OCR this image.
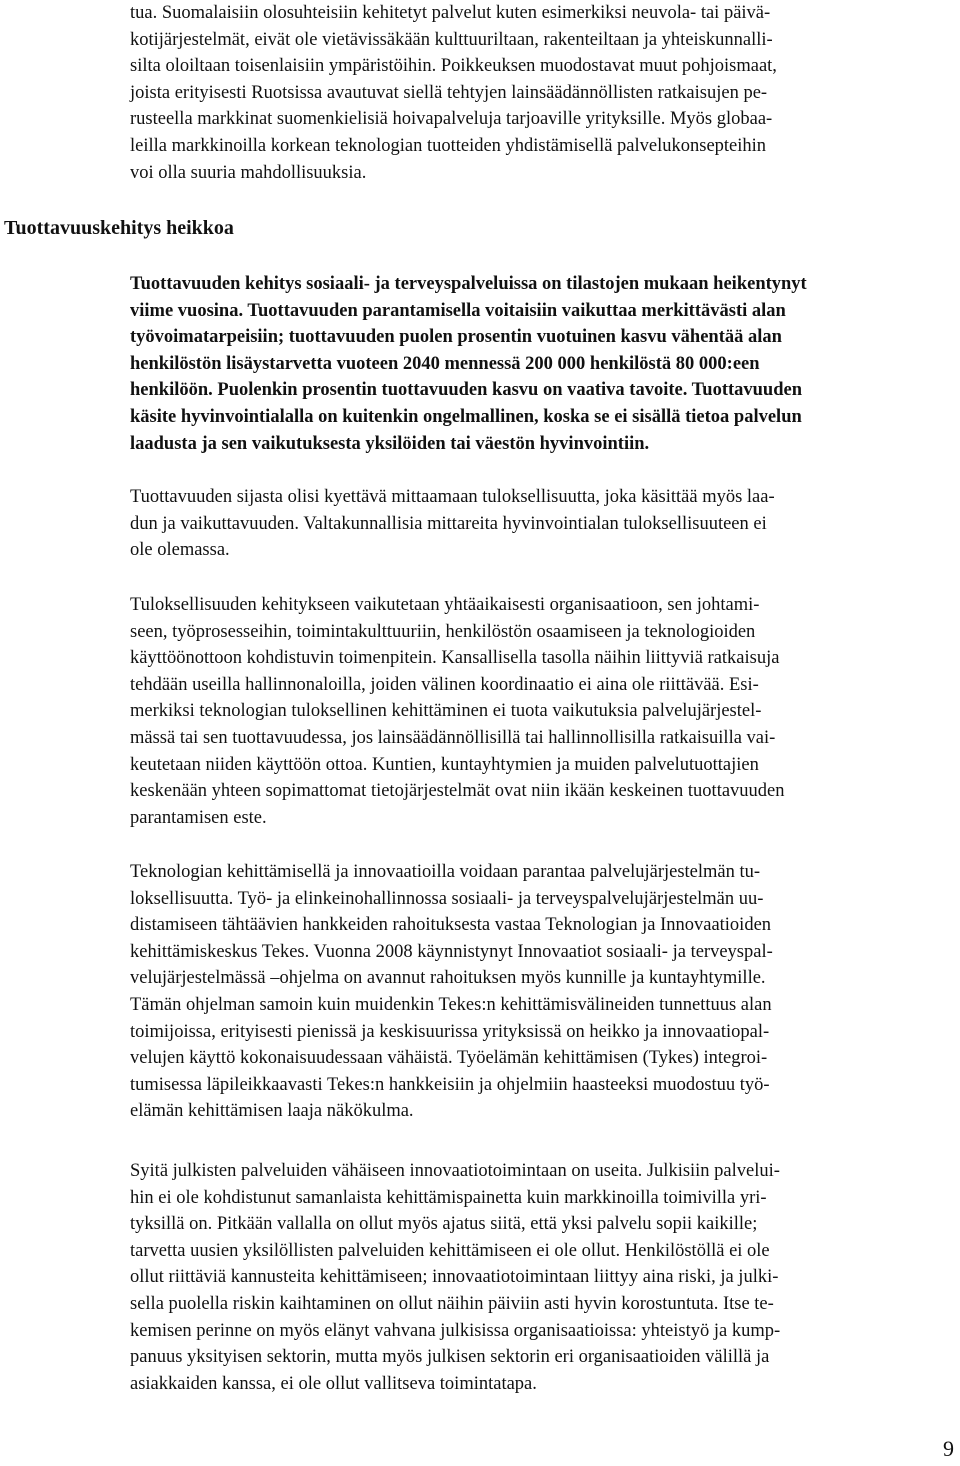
tua. Suomalaisiin olosuhteisiin kehitetyt palvelut kuten esimerkiksi neuvola- tai päivä-
kotijärjestelmät, eivät ole vietävissäkään kulttuuriltaan, rakenteiltaan ja yhteiskunnalli-
silta oloiltaan toisenlaisiin ympäristöihin. Poikkeuksen muodostavat muut pohjoismaat,
joista erityisesti Ruotsissa avautuvat siellä tehtyjen lainsäädännöllisten ratkaisujen pe-
rusteella markkinat suomenkielisiä hoivapalveluja tarjoaville yrityksille. Myös globaa-
leilla markkinoilla korkean teknologian tuotteiden yhdistämisellä palvelukonsepteihin
voi olla suuria mahdollisuuksia.
Tuottavuuskehitys heikkoa
Tuottavuuden kehitys sosiaali- ja terveyspalveluissa on tilastojen mukaan heikentynyt
viime vuosina. Tuottavuuden parantamisella voitaisiin vaikuttaa merkittävästi alan
työvoimatarpeisiin; tuottavuuden puolen prosentin vuotuinen kasvu vähentää alan
henkilöstön lisäystarvetta vuoteen 2040 mennessä 200 000 henkilöstä 80 000:een
henkilöön. Puolenkin prosentin tuottavuuden kasvu on vaativa tavoite. Tuottavuuden
käsite hyvinvointialalla on kuitenkin ongelmallinen, koska se ei sisällä tietoa palvelun
laadusta ja sen vaikutuksesta yksilöiden tai väestön hyvinvointiin.
Tuottavuuden sijasta olisi kyettävä mittaamaan tuloksellisuutta, joka käsittää myös laa-
dun ja vaikuttavuuden. Valtakunnallisia mittareita hyvinvointialan tuloksellisuuteen ei
ole olemassa.
Tuloksellisuuden kehitykseen vaikutetaan yhtäaikaisesti organisaatioon, sen johtami-
seen, työprosesseihin, toimintakulttuuriin, henkilöstön osaamiseen ja teknologioiden
käyttöönottoon kohdistuvin toimenpitein. Kansallisella tasolla näihin liittyviä ratkaisuja
tehdään useilla hallinnonaloilla, joiden välinen koordinaatio ei aina ole riittävää. Esi-
merkiksi teknologian tuloksellinen kehittäminen ei tuota vaikutuksia palvelujärjestel-
mässä tai sen tuottavuudessa, jos lainsäädännöllisillä tai hallinnollisilla ratkaisuilla vai-
keutetaan niiden käyttöön ottoa. Kuntien, kuntayhtymien ja muiden palvelutuottajien
keskenään yhteen sopimattomat tietojärjestelmät ovat niin ikään keskeinen tuottavuuden
parantamisen este.
Teknologian kehittämisellä ja innovaatioilla voidaan parantaa palvelujärjestelmän tu-
loksellisuutta. Työ- ja elinkeinohallinnossa sosiaali- ja terveyspalvelujärjestelmän uu-
distamiseen tähtäävien hankkeiden rahoituksesta vastaa Teknologian ja Innovaatioiden
kehittämiskeskus Tekes. Vuonna 2008 käynnistynyt Innovaatiot sosiaali- ja terveyspal-
velujärjestelmässä –ohjelma on avannut rahoituksen myös kunnille ja kuntayhtymille.
Tämän ohjelman samoin kuin muidenkin Tekes:n kehittämisvälineiden tunnettuus alan
toimijoissa, erityisesti pienissä ja keskisuurissa yrityksissä on heikko ja innovaatiopal-
velujen käyttö kokonaisuudessaan vähäistä. Työelämän kehittämisen (Tykes) integroi-
tumisessa läpileikkaavasti Tekes:n hankkeisiin ja ohjelmiin haasteeksi muodostuu työ-
elämän kehittämisen laaja näkökulma.
Syitä julkisten palveluiden vähäiseen innovaatiotoimintaan on useita. Julkisiin palvelui-
hin ei ole kohdistunut samanlaista kehittämispainetta kuin markkinoilla toimivilla yri-
tyksillä on. Pitkään vallalla on ollut myös ajatus siitä, että yksi palvelu sopii kaikille;
tarvetta uusien yksilöllisten palveluiden kehittämiseen ei ole ollut. Henkilöstöllä ei ole
ollut riittäviä kannusteita kehittämiseen; innovaatiotoimintaan liittyy aina riski, ja julki-
sella puolella riskin kaihtaminen on ollut näihin päiviin asti hyvin korostuntuta. Itse te-
kemisen perinne on myös elänyt vahvana julkisissa organisaatioissa: yhteistyö ja kump-
panuus yksityisen sektorin, mutta myös julkisen sektorin eri organisaatioiden välillä ja
asiakkaiden kanssa, ei ole ollut vallitseva toimintatapa.
9
